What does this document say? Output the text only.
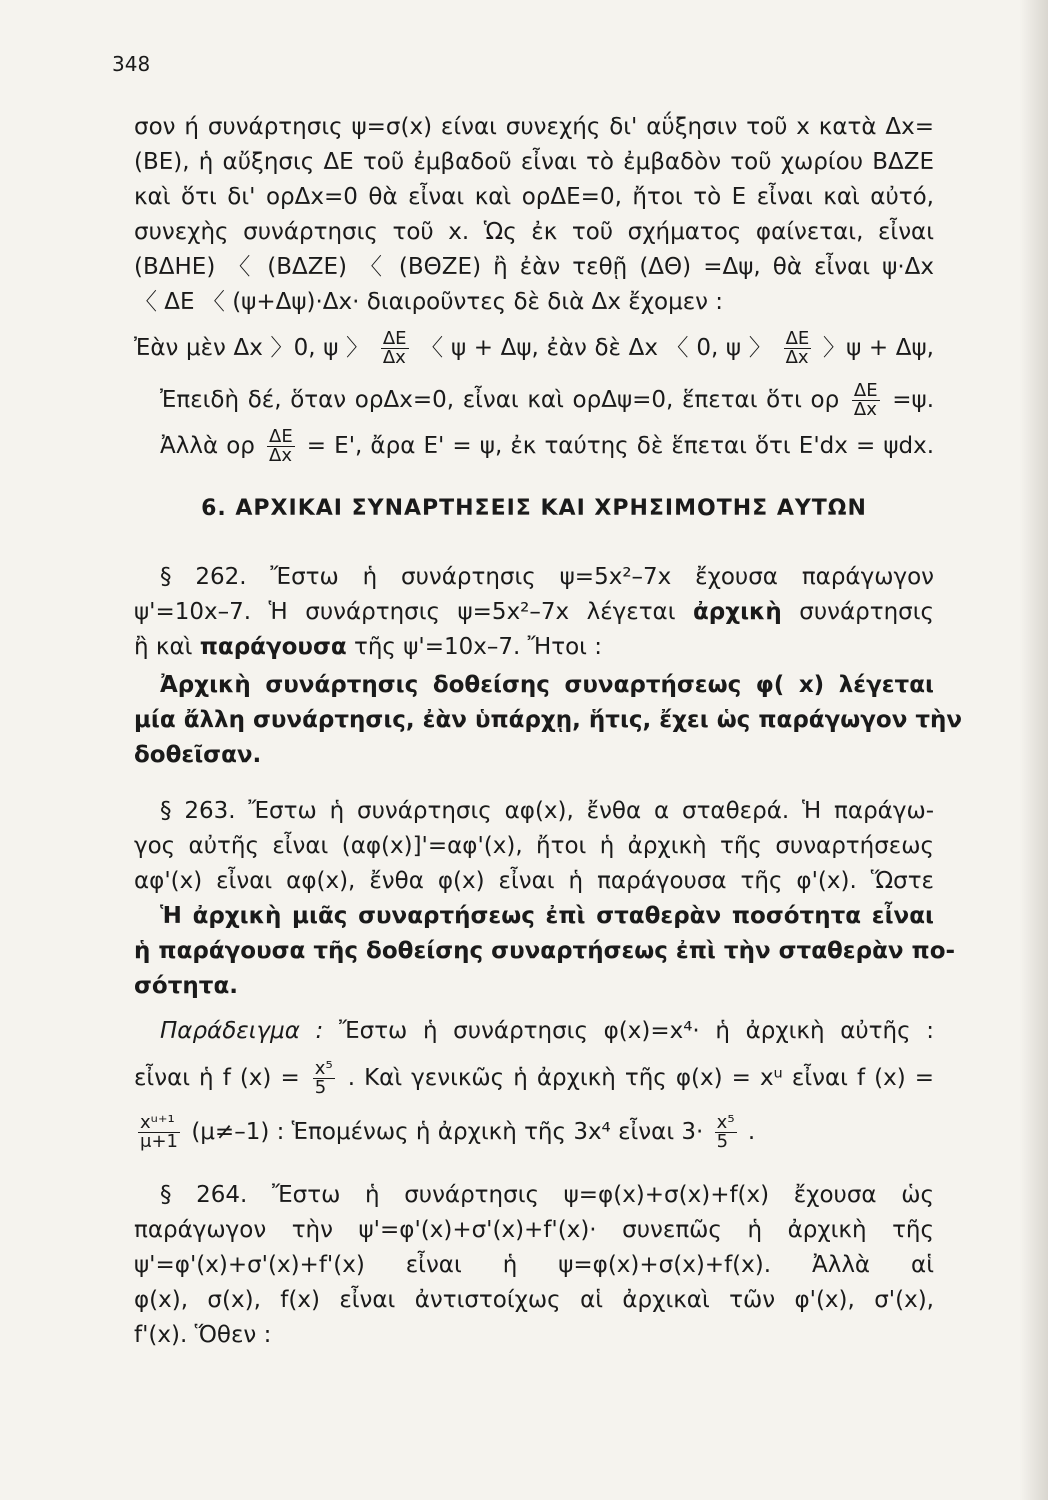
348
σον ή συνάρτησις ψ=σ(x) είναι συνεχής δι' αΰξησιν τοῦ x κατὰ Δx=
(ΒΕ), ἡ αὔξησις ΔΕ τοῦ ἐμβαδοῦ εἶναι τὸ ἐμβαδὸν τοῦ χωρίου ΒΔΖΕ
καὶ ὅτι δι' ορΔx=0 θὰ εἶναι καὶ ορΔΕ=0, ἤτοι τὸ Ε εἶναι καὶ αὐτό,
συνεχὴς συνάρτησις τοῦ x. Ὡς ἐκ τοῦ σχήματος φαίνεται, εἶναι
(ΒΔΗΕ) 〈 (ΒΔΖΕ) 〈 (ΒΘΖΕ) ἢ ἐὰν τεθῇ (ΔΘ) =Δψ, θὰ εἶναι ψ·Δx
〈 ΔΕ 〈 (ψ+Δψ)·Δx· διαιροῦντες δὲ διὰ Δx ἔχομεν :
Ἐὰν μὲν Δx 〉0, ψ 〉 $\frac{\Delta E}{\Delta x}$ 〈 ψ + Δψ, ἐὰν δὲ Δx 〈 0, ψ 〉 $\frac{\Delta E}{\Delta x}$ 〉ψ + Δψ,
Ἐπειδὴ δέ, ὅταν ορΔx=0, εἶναι καὶ ορΔψ=0, ἕπεται ὅτι ορ $\frac{\Delta E}{\Delta x} =\psi$.
Ἀλλὰ ορ $\frac{\Delta E}{\Delta x} = E'$, ἄρα Ε' = ψ, ἐκ ταύτης δὲ ἕπεται ὅτι Ε'dx = ψdx.
6. ΑΡΧΙΚΑΙ ΣΥΝΑΡΤΗΣΕΙΣ ΚΑΙ ΧΡΗΣΙΜΟΤΗΣ ΑΥΤΩΝ
§ 262. Ἔστω ἡ συνάρτησις ψ=5x²–7x ἔχουσα παράγωγον
ψ'=10x–7. Ἡ συνάρτησις ψ=5x²–7x λέγεται ἀρχικὴ συνάρτησις
ἢ καὶ παράγουσα τῆς ψ'=10x–7. Ἤτοι :
Ἀρχικὴ συνάρτησις δοθείσης συναρτήσεως φ( x) λέγεται
μία ἄλλη συνάρτησις, ἐὰν ὑπάρχῃ, ἥτις, ἔχει ὡς παράγωγον τὴν
δοθεῖσαν.
§ 263. Ἔστω ἡ συνάρτησις αφ(x), ἔνθα α σταθερά. Ἡ παράγω-
γος αὐτῆς εἶναι (αφ(x)]'=αφ'(x), ἤτοι ἡ ἀρχικὴ τῆς συναρτήσεως
αφ'(x) εἶναι αφ(x), ἔνθα φ(x) εἶναι ἡ παράγουσα τῆς φ'(x). Ὥστε
Ἡ ἀρχικὴ μιᾶς συναρτήσεως ἐπὶ σταθερὰν ποσότητα εἶναι
ἡ παράγουσα τῆς δοθείσης συναρτήσεως ἐπὶ τὴν σταθερὰν πο-
σότητα.
Παράδειγμα : Ἔστω ἡ συνάρτησις φ(x)=x⁴· ἡ ἀρχικὴ αὐτῆς :
εἶναι ἡ f $(x) = \frac{\text{x⁵}}{5}$ . Καὶ γενικῶς ἡ ἀρχικὴ τῆς φ(x) = xᵘ εἶναι f (x) =
$\frac{\text{xᵘ⁺¹}}{\mu+1} (\mu\ne-1)$ : Ἑπομένως ἡ ἀρχικὴ τῆς 3x⁴ εἶναι $3\cdot \frac{\text{x⁵}}{5}$ .
§ 264. Ἔστω ἡ συνάρτησις ψ=φ(x)+σ(x)+f(x) ἔχουσα ὡς
παράγωγον τὴν ψ'=φ'(x)+σ'(x)+f'(x)· συνεπῶς ἡ ἀρχικὴ τῆς
ψ'=φ'(x)+σ'(x)+f'(x) εἶναι ἡ ψ=φ(x)+σ(x)+f(x). Ἀλλὰ αἱ
φ(x), σ(x), f(x) εἶναι ἀντιστοίχως αἱ ἀρχικαὶ τῶν φ'(x), σ'(x),
f'(x). Ὅθεν :
